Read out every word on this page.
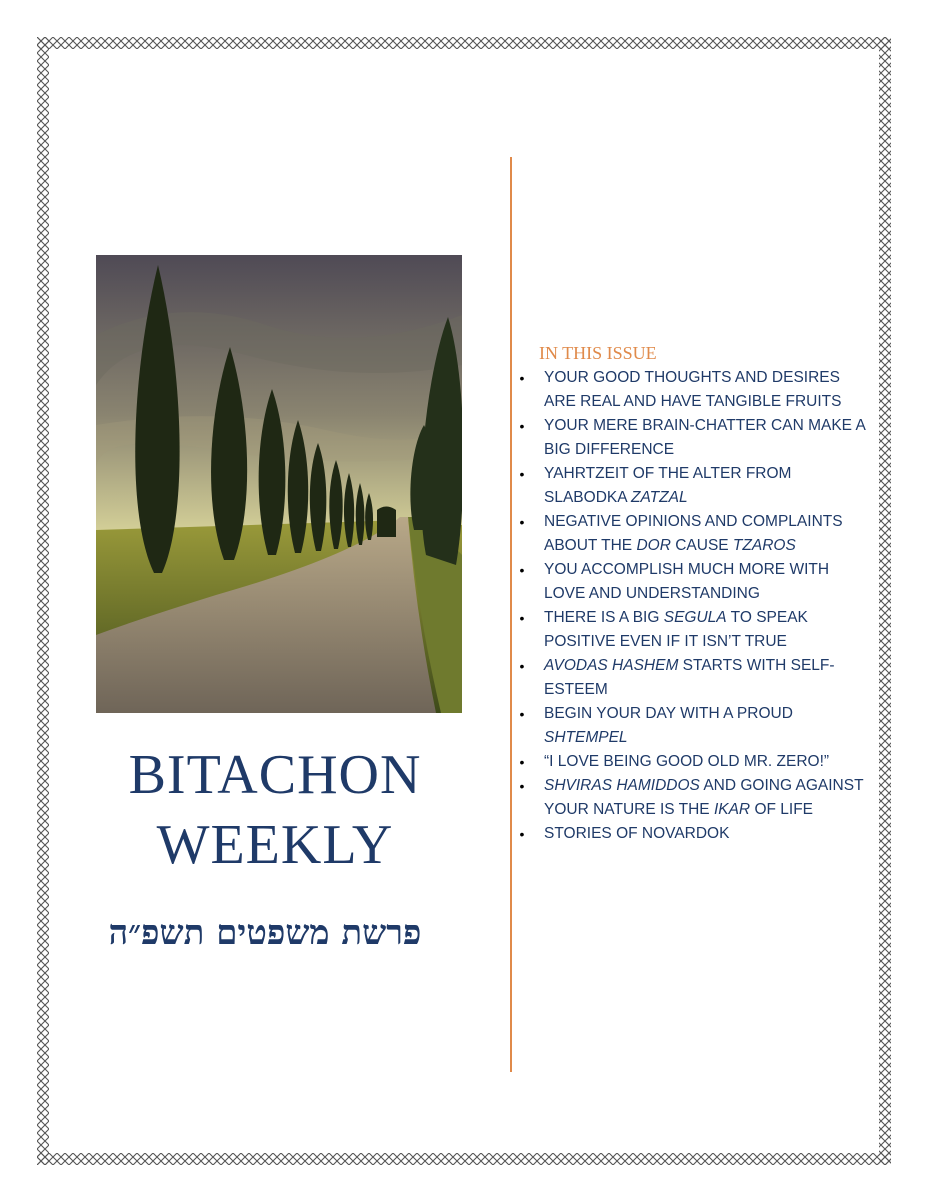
BITACHON
WEEKLY
פרשת משפטים תשפ״ה
IN THIS ISSUE
• YOUR GOOD THOUGHTS AND DESIRES ARE REAL AND HAVE TANGIBLE FRUITS
• YOUR MERE BRAIN-CHATTER CAN MAKE A BIG DIFFERENCE
• YAHRTZEIT OF THE ALTER FROM SLABODKA ZATZAL
• NEGATIVE OPINIONS AND COMPLAINTS ABOUT THE DOR CAUSE TZAROS
• YOU ACCOMPLISH MUCH MORE WITH LOVE AND UNDERSTANDING
• THERE IS A BIG SEGULA TO SPEAK POSITIVE EVEN IF IT ISN’T TRUE
• AVODAS HASHEM STARTS WITH SELF-ESTEEM
• BEGIN YOUR DAY WITH A PROUD SHTEMPEL
• “I LOVE BEING GOOD OLD MR. ZERO!”
• SHVIRAS HAMIDDOS AND GOING AGAINST YOUR NATURE IS THE IKAR OF LIFE
• STORIES OF NOVARDOK
